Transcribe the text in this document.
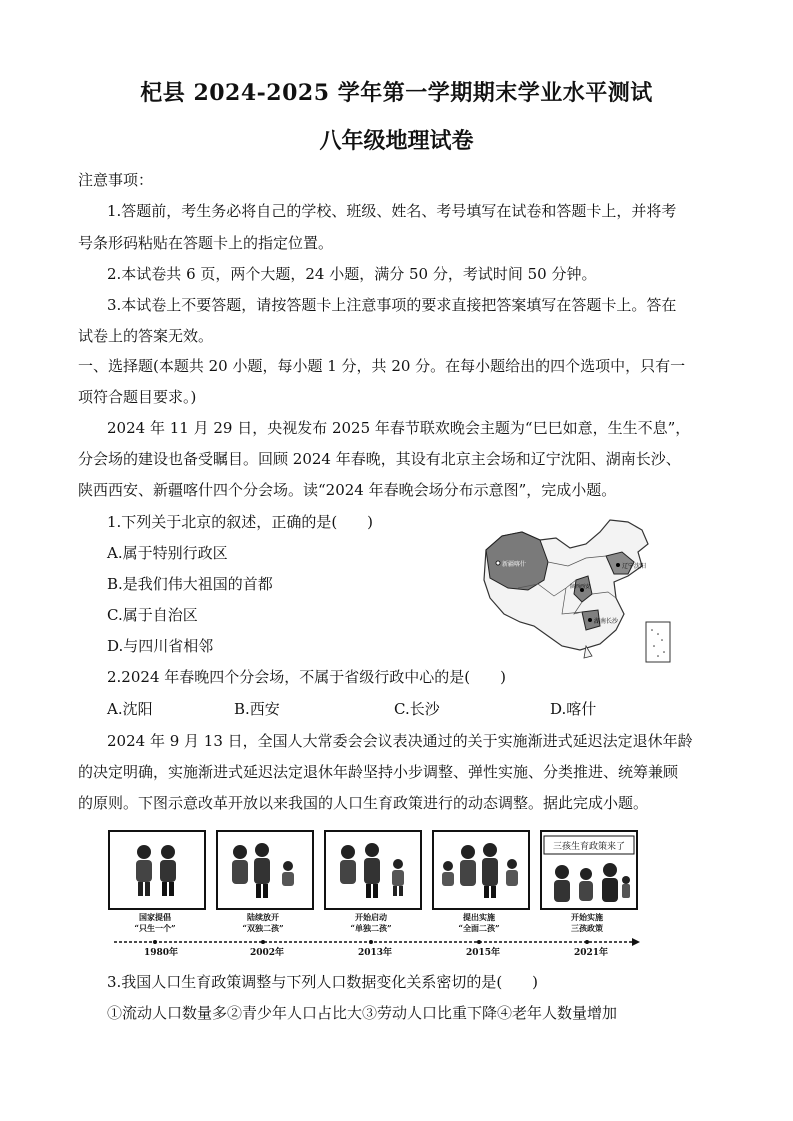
杞县 2024-2025 学年第一学期期末学业水平测试
八年级地理试卷
注意事项：
1.答题前，考生务必将自己的学校、班级、姓名、考号填写在试卷和答题卡上，并将考
号条形码粘贴在答题卡上的指定位置。
2.本试卷共 6 页，两个大题，24 小题，满分 50 分，考试时间 50 分钟。
3.本试卷上不要答题，请按答题卡上注意事项的要求直接把答案填写在答题卡上。答在
试卷上的答案无效。
一、选择题(本题共 20 小题，每小题 1 分，共 20 分。在每小题给出的四个选项中，只有一
项符合题目要求。)
2024 年 11 月 29 日，央视发布 2025 年春节联欢晚会主题为“巳巳如意，生生不息”，
分会场的建设也备受瞩目。回顾 2024 年春晚，其设有北京主会场和辽宁沈阳、湖南长沙、
陕西西安、新疆喀什四个分会场。读“2024 年春晚会场分布示意图”，完成小题。
1.下列关于北京的叙述，正确的是(　　)
A.属于特别行政区
B.是我们伟大祖国的首都
C.属于自治区
D.与四川省相邻
新疆喀什	辽宁沈阳
陕西西安
湖南长沙
2.2024 年春晚四个分会场，不属于省级行政中心的是(　　)
A.沈阳	B.西安	C.长沙	D.喀什
2024 年 9 月 13 日，全国人大常委会会议表决通过的关于实施渐进式延迟法定退休年龄
的决定明确，实施渐进式延迟法定退休年龄坚持小步调整、弹性实施、分类推进、统筹兼顾
的原则。下图示意改革开放以来我国的人口生育政策进行的动态调整。据此完成小题。
三孩生育政策来了
国家提倡
“只生一个”
陆续放开
“双独二孩”
开始启动
“单独二孩”
提出实施
“全面二孩”
开始实施
三孩政策
1980年	2002年	2013年	2015年	2021年
3.我国人口生育政策调整与下列人口数据变化关系密切的是(　　)
①流动人口数量多②青少年人口占比大③劳动人口比重下降④老年人数量增加
